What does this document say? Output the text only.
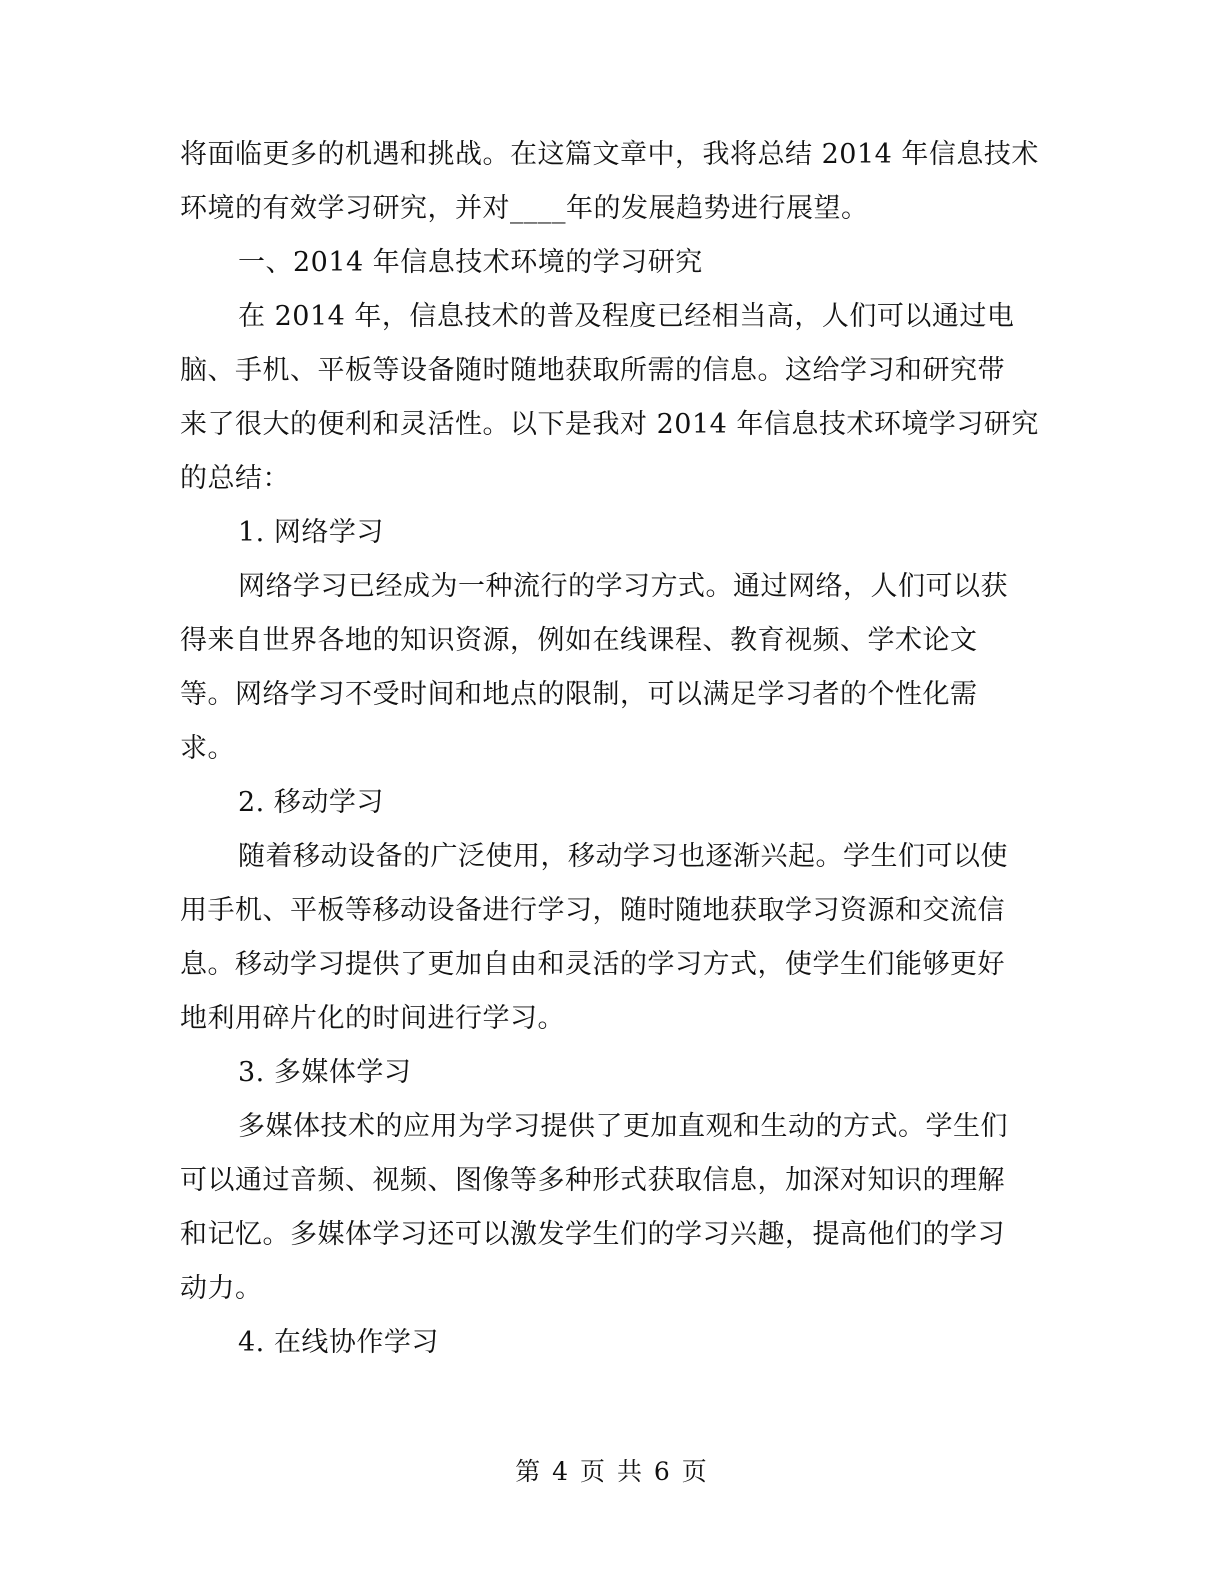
将面临更多的机遇和挑战。在这篇文章中，我将总结 2014 年信息技术
环境的有效学习研究，并对____年的发展趋势进行展望。
一、2014 年信息技术环境的学习研究
在 2014 年，信息技术的普及程度已经相当高，人们可以通过电
脑、手机、平板等设备随时随地获取所需的信息。这给学习和研究带
来了很大的便利和灵活性。以下是我对 2014 年信息技术环境学习研究
的总结：
1. 网络学习
网络学习已经成为一种流行的学习方式。通过网络，人们可以获
得来自世界各地的知识资源，例如在线课程、教育视频、学术论文
等。网络学习不受时间和地点的限制，可以满足学习者的个性化需
求。
2. 移动学习
随着移动设备的广泛使用，移动学习也逐渐兴起。学生们可以使
用手机、平板等移动设备进行学习，随时随地获取学习资源和交流信
息。移动学习提供了更加自由和灵活的学习方式，使学生们能够更好
地利用碎片化的时间进行学习。
3. 多媒体学习
多媒体技术的应用为学习提供了更加直观和生动的方式。学生们
可以通过音频、视频、图像等多种形式获取信息，加深对知识的理解
和记忆。多媒体学习还可以激发学生们的学习兴趣，提高他们的学习
动力。
4. 在线协作学习
第 4 页 共 6 页
